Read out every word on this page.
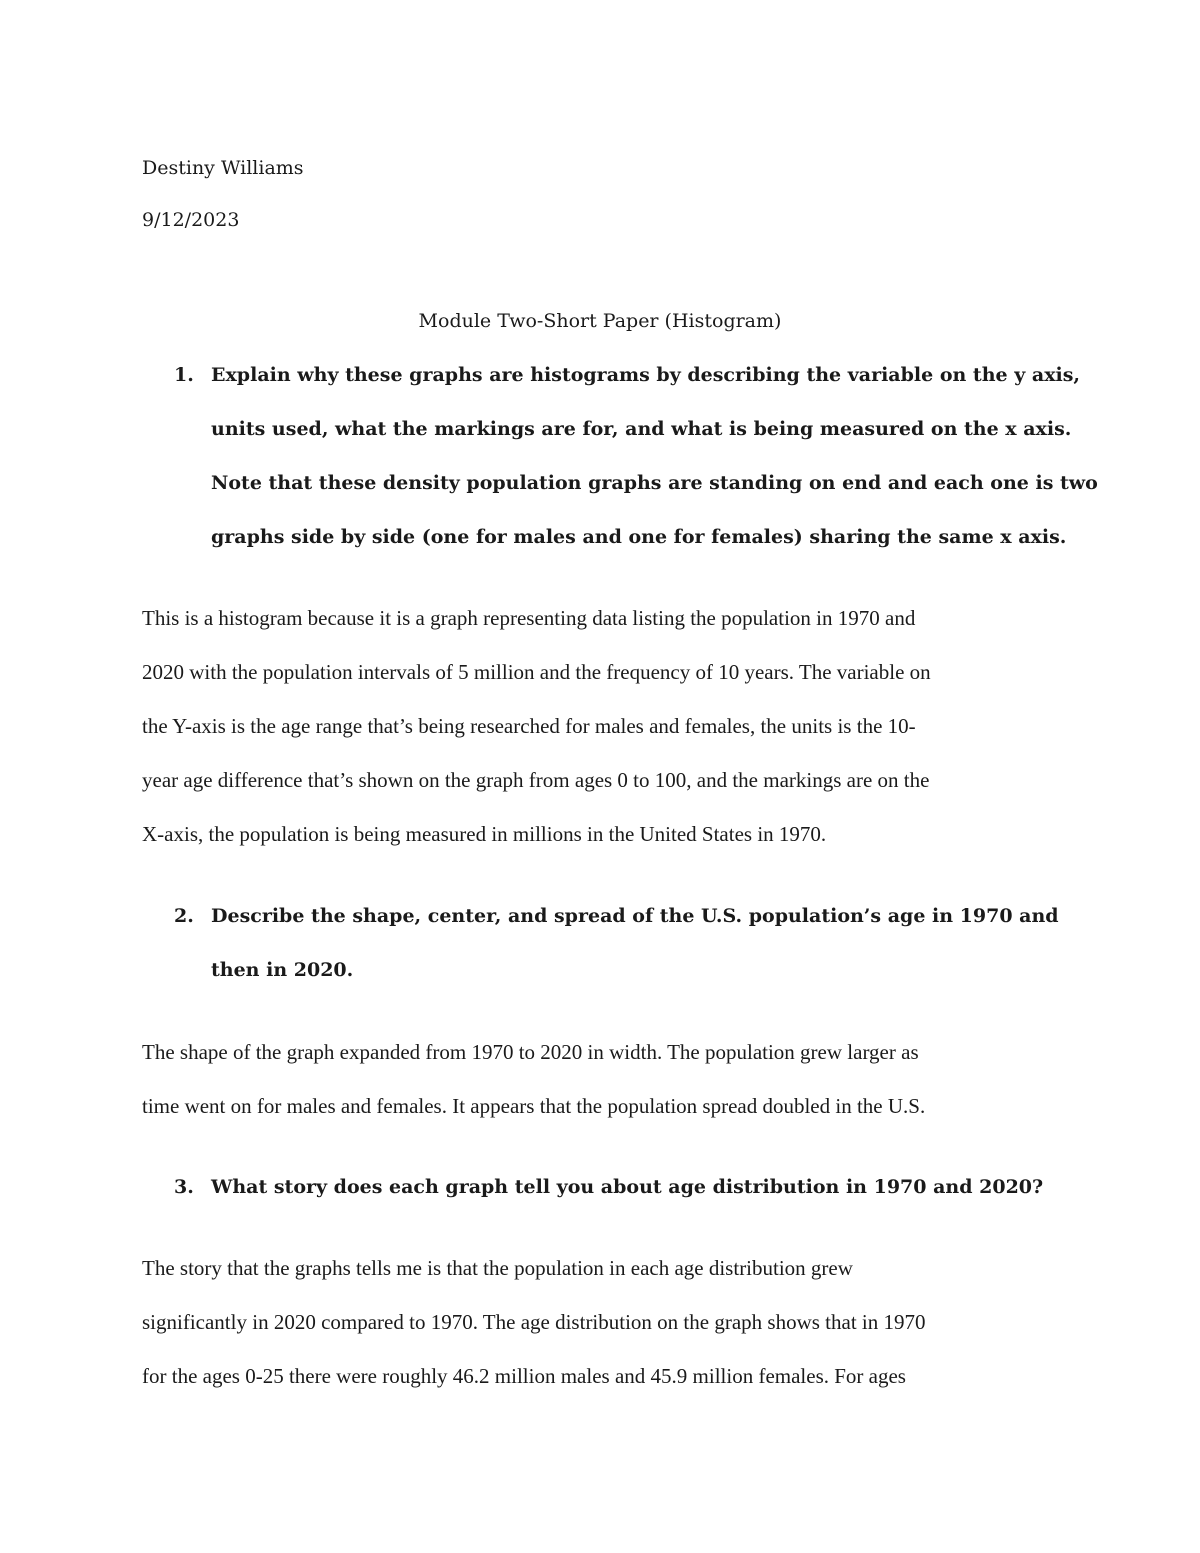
Destiny Williams
9/12/2023
Module Two-Short Paper (Histogram)
1. Explain why these graphs are histograms by describing the variable on the y axis,
units used, what the markings are for, and what is being measured on the x axis.
Note that these density population graphs are standing on end and each one is two
graphs side by side (one for males and one for females) sharing the same x axis.
This is a histogram because it is a graph representing data listing the population in 1970 and
2020 with the population intervals of 5 million and the frequency of 10 years. The variable on
the Y-axis is the age range that’s being researched for males and females, the units is the 10-
year age difference that’s shown on the graph from ages 0 to 100, and the markings are on the
X-axis, the population is being measured in millions in the United States in 1970.
2. Describe the shape, center, and spread of the U.S. population’s age in 1970 and
then in 2020.
The shape of the graph expanded from 1970 to 2020 in width. The population grew larger as
time went on for males and females. It appears that the population spread doubled in the U.S.
3. What story does each graph tell you about age distribution in 1970 and 2020?
The story that the graphs tells me is that the population in each age distribution grew
significantly in 2020 compared to 1970. The age distribution on the graph shows that in 1970
for the ages 0-25 there were roughly 46.2 million males and 45.9 million females. For ages
